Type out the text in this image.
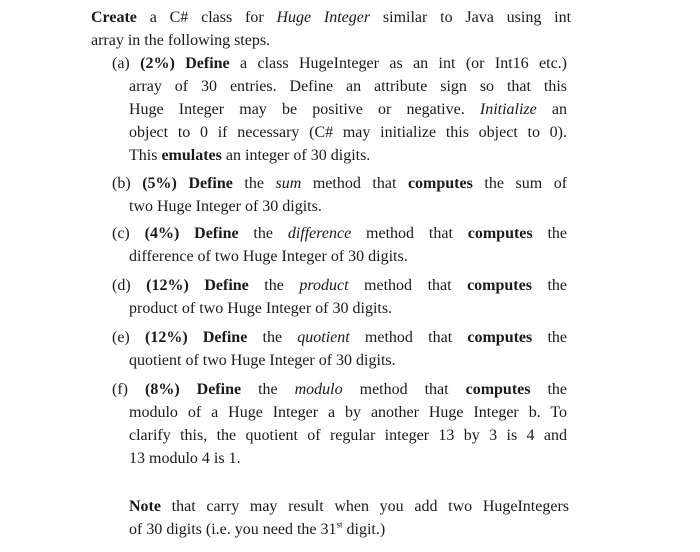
Create a C# class for Huge Integer similar to Java using int
array in the following steps.
(a) (2%) Define a class HugeInteger as an int (or Int16 etc.)
array of 30 entries. Define an attribute sign so that this
Huge Integer may be positive or negative. Initialize an
object to 0 if necessary (C# may initialize this object to 0).
This emulates an integer of 30 digits.
(b) (5%) Define the sum method that computes the sum of
two Huge Integer of 30 digits.
(c) (4%) Define the difference method that computes the
difference of two Huge Integer of 30 digits.
(d) (12%) Define the product method that computes the
product of two Huge Integer of 30 digits.
(e) (12%) Define the quotient method that computes the
quotient of two Huge Integer of 30 digits.
(f) (8%) Define the modulo method that computes the
modulo of a Huge Integer a by another Huge Integer b. To
clarify this, the quotient of regular integer 13 by 3 is 4 and
13 modulo 4 is 1.
Note that carry may result when you add two HugeIntegers
of 30 digits (i.e. you need the 31st digit.)
